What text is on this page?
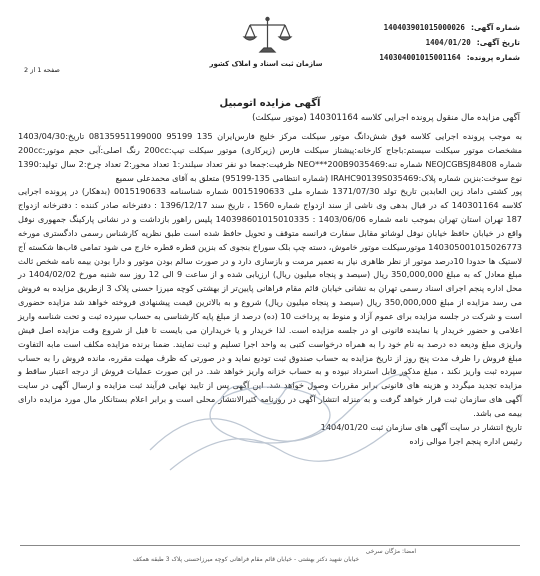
شماره آگهی:
140403901015000026
تاریخ آگهی:
1404/01/20
شماره پرونده:
140304001015001164
سازمان ثبت اسناد و املاک کشور
صفحه 1 از 2
آگهی مزایده اتومبیل
آگهی مزایده مال منقول پرونده اجرایی کلاسه 140301164 (موتور سیکلت)

به موجب پرونده اجرایی کلاسه فوق شش‌دانگ موتور سیکلت مرکز خلیج فارس‌ایران 135 95199 08135951199000 تاریخ:1403/04/30 مشخصات موتور سیکلت سیستم:باجاج کارخانه:پیشتاز سیکلت فارس (زیرکاری) موتور سیکلت تیپ:200cc رنگ اصلی:آبی حجم موتور:200cc شماره NEOJCGBSJ84808 شماره تنه:NEO***200B9035469 ظرفیت:جمعا دو نفر تعداد سیلندر:1 تعداد محور:2 تعداد چرخ:2 سال تولید:1390 نوع سوخت:بنزین شماره پلاک:IRAHC90139S035469 (شماره انتظامی 135-95199) متعلق به آقای محمدعلی سمیع

پور کشتی داماد زین العابدین تاریخ تولد 1371/07/30 شماره ملی 0015190633 شماره شناسنامه 0015190633 (بدهکار) در پرونده اجرایی کلاسه 140301164 که در قبال بدهی وی ناشی از سند ازدواج شماره 1560 ، تاریخ سند 1396/12/17 : دفترخانه صادر کننده : دفترخانه ازدواج 187 تهران استان تهران بموجب نامه شماره 1403/06/06 : 140398601015010335 پلیس راهور بازداشت و در نشانی پارکینگ جمهوری نوفل واقع در خیابان حافظ خیابان نوفل لوشاتو مقابل سفارت فرانسه متوقف و تحویل حافظ شده است طبق نظریه کارشناس رسمی دادگستری مورخه 140305001015026773 موتورسیکلت موتور خاموش، دسته چپ بلک سوراخ بنجوی که بنزین قطره قطره خارج می شود تمامی قاب‌ها شکسته آج لاستیک ها حدودا 10درصد موتور از نظر ظاهری نیاز به تعمیر مرمت و بازسازی دارد و در صورت سالم بودن موتور و دارا بودن بیمه نامه شخص ثالث مبلغ معادل که به مبلغ 350,000,000 ریال (سیصد و پنجاه میلیون ریال) ارزیابی شده و از ساعت 9 الی 12 روز سه شنبه مورخ 1404/02/02 در محل اداره پنجم اجرای اسناد رسمی تهران به نشانی خیابان قائم مقام فراهانی پایین‌تر از بهشتی کوچه میرزا حسنی پلاک 3 ازطریق مزایده به فروش می رسد مزایده از مبلغ 350,000,000 ریال (سیصد و پنجاه میلیون ریال) شروع و به بالاترین قیمت پیشنهادی فروخته خواهد شد مزایده حضوری است و شرکت در جلسه مزایده برای عموم آزاد و منوط به پرداخت 10 (ده) درصد از مبلغ پایه کارشناسی به حساب سپرده ثبت و تحت شناسه واریز اعلامی و حضور خریدار یا نماینده قانونی او در جلسه مزایده است. لذا خریدار و یا خریداران می بایست تا قبل از شروع وقت مزایده اصل فیش واریزی مبلغ ودیعه ده درصد به نام خود را به همراه درخواست کتبی به واحد اجرا تسلیم و ثبت نمایند. ضمنا برنده مزایده مکلف است مابه التفاوت مبلغ فروش را ظرف مدت پنج روز از تاریخ مزایده به حساب صندوق ثبت تودیع نماید و در صورتی که ظرف مهلت مقرره، مانده فروش را به حساب سپرده ثبت واریز نکند ، مبلغ مذکور قابل استرداد نبوده و به حساب خزانه واریز خواهد شد. در این صورت عملیات فروش از درجه اعتبار ساقط و مزایده تجدید میگردد و هزینه های قانونی برابر مقررات وصول خواهد شد. این آگهی پس از تایید نهایی فرآیند ثبت مزایده و ارسال آگهی در سایت آگهی های سازمان ثبت قرار خواهد گرفت و به منزله انتشار آگهی در روزنامه کثیرالانتشار محلی است و برابر اعلام بستانکار مال مورد مزایده دارای بیمه می باشد.

تاریخ انتشار در سایت آگهی های سازمان ثبت 1404/01/20

رئیس اداره پنجم اجرا موالی زاده

امضا: مژگان سرخی
خیابان شهید دکتر بهشتی - خیابان قائم مقام فراهانی کوچه میرزاحسنی پلاک 3 طبقه همکف
